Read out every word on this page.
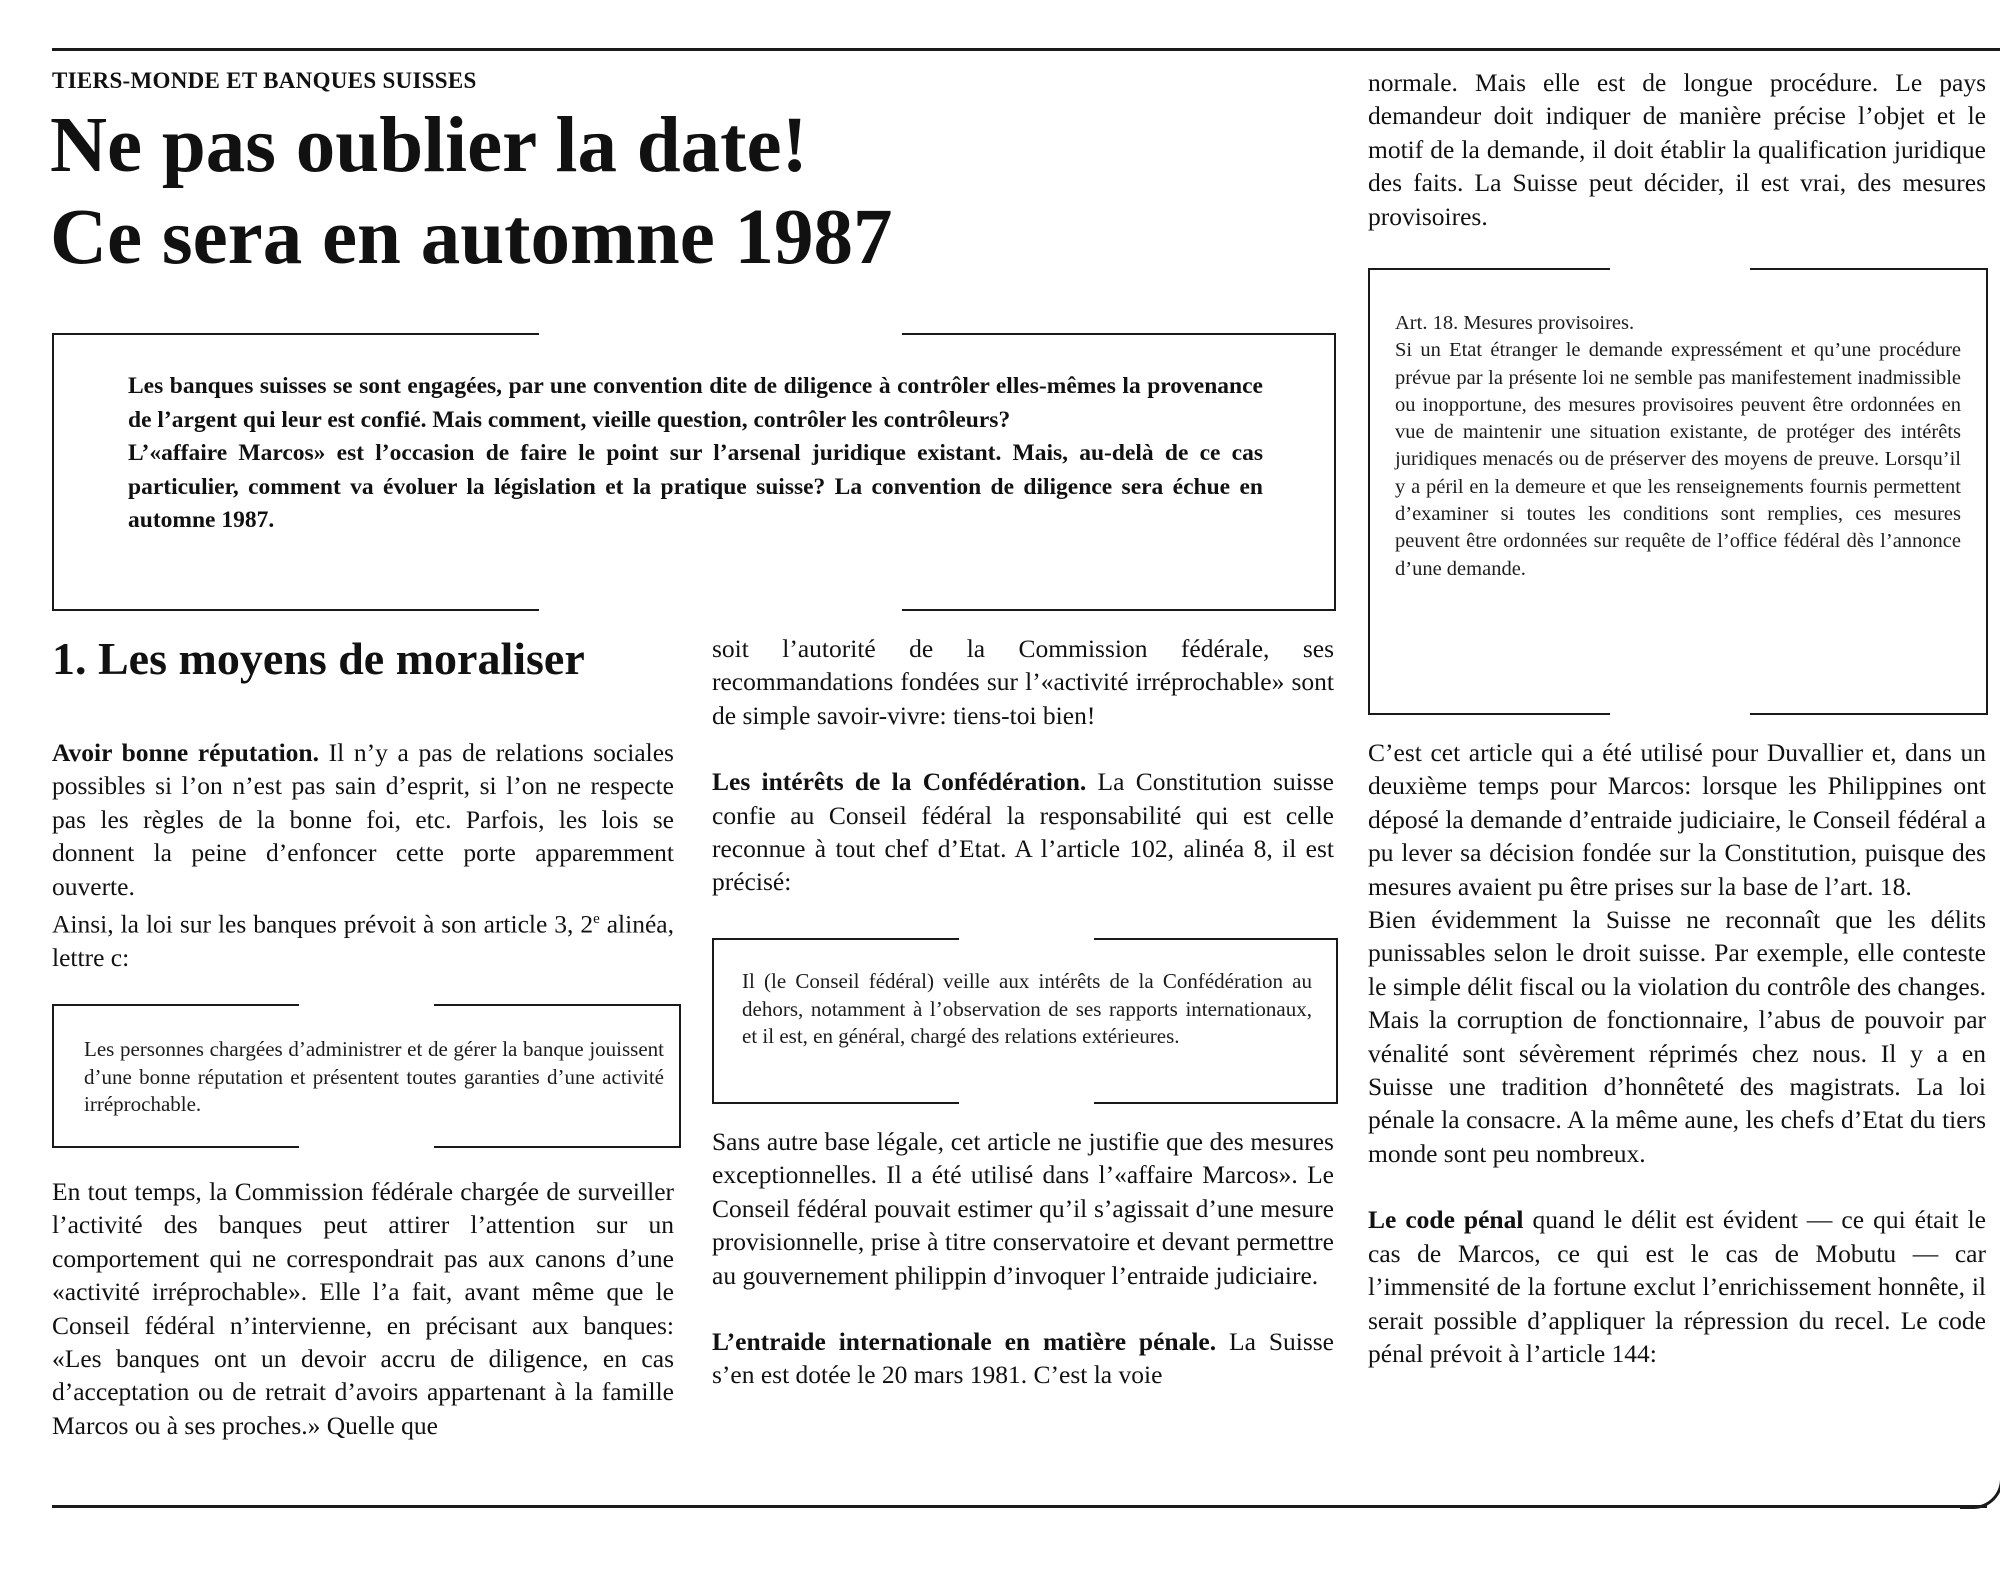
TIERS-MONDE ET BANQUES SUISSES
Ne pas oublier la date!
Ce sera en automne 1987

Les banques suisses se sont engagées, par une convention dite de diligence à contrôler elles-mêmes la provenance de l’argent qui leur est confié. Mais comment, vieille question, contrôler les contrôleurs?

L’«affaire Marcos» est l’occasion de faire le point sur l’arsenal juridique existant. Mais, au-delà de ce cas particulier, comment va évoluer la législation et la pratique suisse? La convention de diligence sera échue en automne 1987.

1. Les moyens de moraliser

Avoir bonne réputation. Il n’y a pas de relations sociales possibles si l’on n’est pas sain d’esprit, si l’on ne respecte pas les règles de la bonne foi, etc. Parfois, les lois se donnent la peine d’enfoncer cette porte apparemment ouverte.

Ainsi, la loi sur les banques prévoit à son article 3, 2e alinéa, lettre c:

Les personnes chargées d’administrer et de gérer la banque jouissent d’une bonne réputation et présentent toutes garanties d’une activité irréprochable.

En tout temps, la Commission fédérale chargée de surveiller l’activité des banques peut attirer l’attention sur un comportement qui ne correspondrait pas aux canons d’une «activité irréprochable». Elle l’a fait, avant même que le Conseil fédéral n’intervienne, en précisant aux banques: «Les banques ont un devoir accru de diligence, en cas d’acceptation ou de retrait d’avoirs appartenant à la famille Marcos ou à ses proches.» Quelle que

soit l’autorité de la Commission fédérale, ses recommandations fondées sur l’«activité irréprochable» sont de simple savoir-vivre: tiens-toi bien!

Les intérêts de la Confédération. La Constitution suisse confie au Conseil fédéral la responsabilité qui est celle reconnue à tout chef d’Etat. A l’article 102, alinéa 8, il est précisé:

Il (le Conseil fédéral) veille aux intérêts de la Confédération au dehors, notamment à l’observation de ses rapports internationaux, et il est, en général, chargé des relations extérieures.

Sans autre base légale, cet article ne justifie que des mesures exceptionnelles. Il a été utilisé dans l’«affaire Marcos». Le Conseil fédéral pouvait estimer qu’il s’agissait d’une mesure provisionnelle, prise à titre conservatoire et devant permettre au gouvernement philippin d’invoquer l’entraide judiciaire.

L’entraide internationale en matière pénale. La Suisse s’en est dotée le 20 mars 1981. C’est la voie

normale. Mais elle est de longue procédure. Le pays demandeur doit indiquer de manière précise l’objet et le motif de la demande, il doit établir la qualification juridique des faits. La Suisse peut décider, il est vrai, des mesures provisoires.

Art. 18. Mesures provisoires.

Si un Etat étranger le demande expressément et qu’une procédure prévue par la présente loi ne semble pas manifestement inadmissible ou inopportune, des mesures provisoires peuvent être ordonnées en vue de maintenir une situation existante, de protéger des intérêts juridiques menacés ou de préserver des moyens de preuve. Lorsqu’il y a péril en la demeure et que les renseignements fournis permettent d’examiner si toutes les conditions sont remplies, ces mesures peuvent être ordonnées sur requête de l’office fédéral dès l’annonce d’une demande.

C’est cet article qui a été utilisé pour Duvallier et, dans un deuxième temps pour Marcos: lorsque les Philippines ont déposé la demande d’entraide judiciaire, le Conseil fédéral a pu lever sa décision fondée sur la Constitution, puisque des mesures avaient pu être prises sur la base de l’art. 18.

Bien évidemment la Suisse ne reconnaît que les délits punissables selon le droit suisse. Par exemple, elle conteste le simple délit fiscal ou la violation du contrôle des changes. Mais la corruption de fonctionnaire, l’abus de pouvoir par vénalité sont sévèrement réprimés chez nous. Il y a en Suisse une tradition d’honnêteté des magistrats. La loi pénale la consacre. A la même aune, les chefs d’Etat du tiers monde sont peu nombreux.

Le code pénal quand le délit est évident — ce qui était le cas de Marcos, ce qui est le cas de Mobutu — car l’immensité de la fortune exclut l’enrichissement honnête, il serait possible d’appliquer la répression du recel. Le code pénal prévoit à l’article 144:
